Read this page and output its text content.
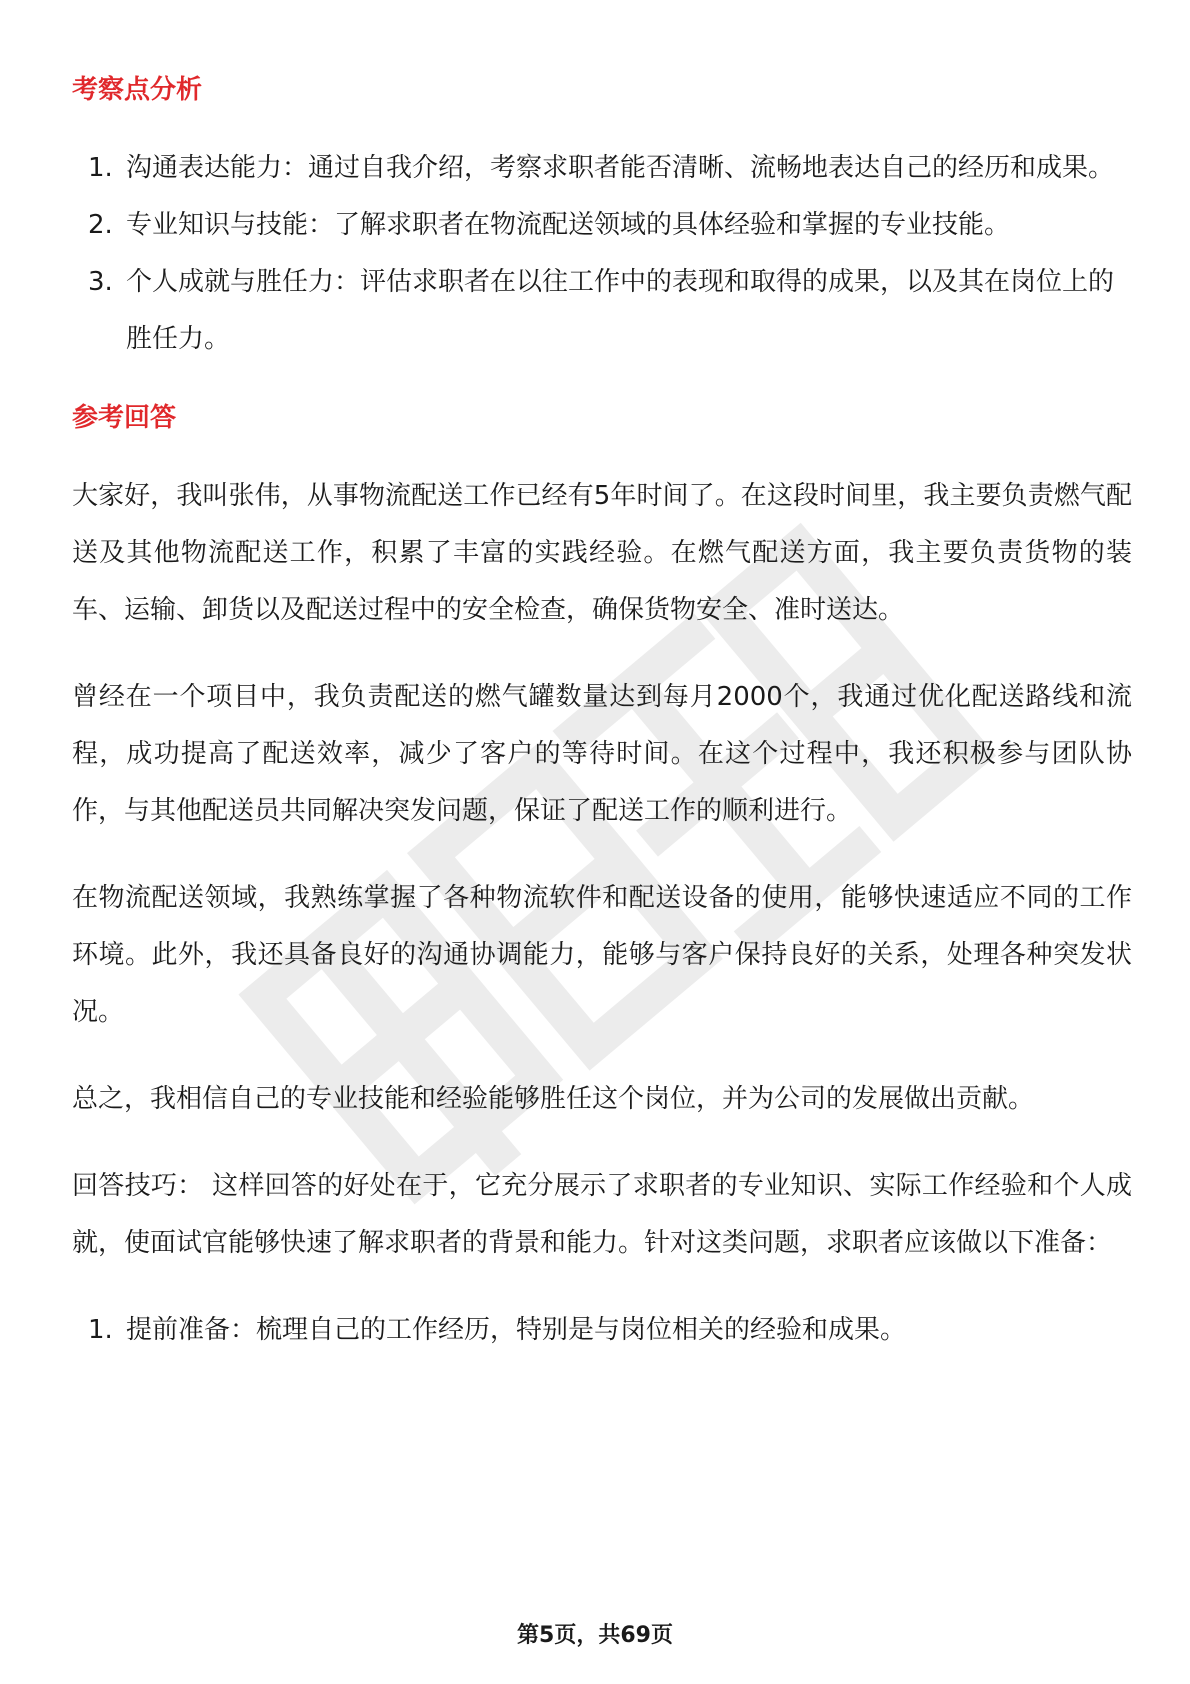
考察点分析
1. 沟通表达能力：通过自我介绍，考察求职者能否清晰、流畅地表达自己的经历和成果。
2. 专业知识与技能：了解求职者在物流配送领域的具体经验和掌握的专业技能。
3. 个人成就与胜任力：评估求职者在以往工作中的表现和取得的成果，以及其在岗位上的胜任力。
参考回答

大家好，我叫张伟，从事物流配送工作已经有5年时间了。在这段时间里，我主要负责燃气配送及其他物流配送工作，积累了丰富的实践经验。在燃气配送方面，我主要负责货物的装车、运输、卸货以及配送过程中的安全检查，确保货物安全、准时送达。

曾经在一个项目中，我负责配送的燃气罐数量达到每月2000个，我通过优化配送路线和流程，成功提高了配送效率，减少了客户的等待时间。在这个过程中，我还积极参与团队协作，与其他配送员共同解决突发问题，保证了配送工作的顺利进行。

在物流配送领域，我熟练掌握了各种物流软件和配送设备的使用，能够快速适应不同的工作环境。此外，我还具备良好的沟通协调能力，能够与客户保持良好的关系，处理各种突发状况。

总之，我相信自己的专业技能和经验能够胜任这个岗位，并为公司的发展做出贡献。

回答技巧： 这样回答的好处在于，它充分展示了求职者的专业知识、实际工作经验和个人成就，使面试官能够快速了解求职者的背景和能力。针对这类问题，求职者应该做以下准备：

1. 提前准备：梳理自己的工作经历，特别是与岗位相关的经验和成果。
第5页，共69页
